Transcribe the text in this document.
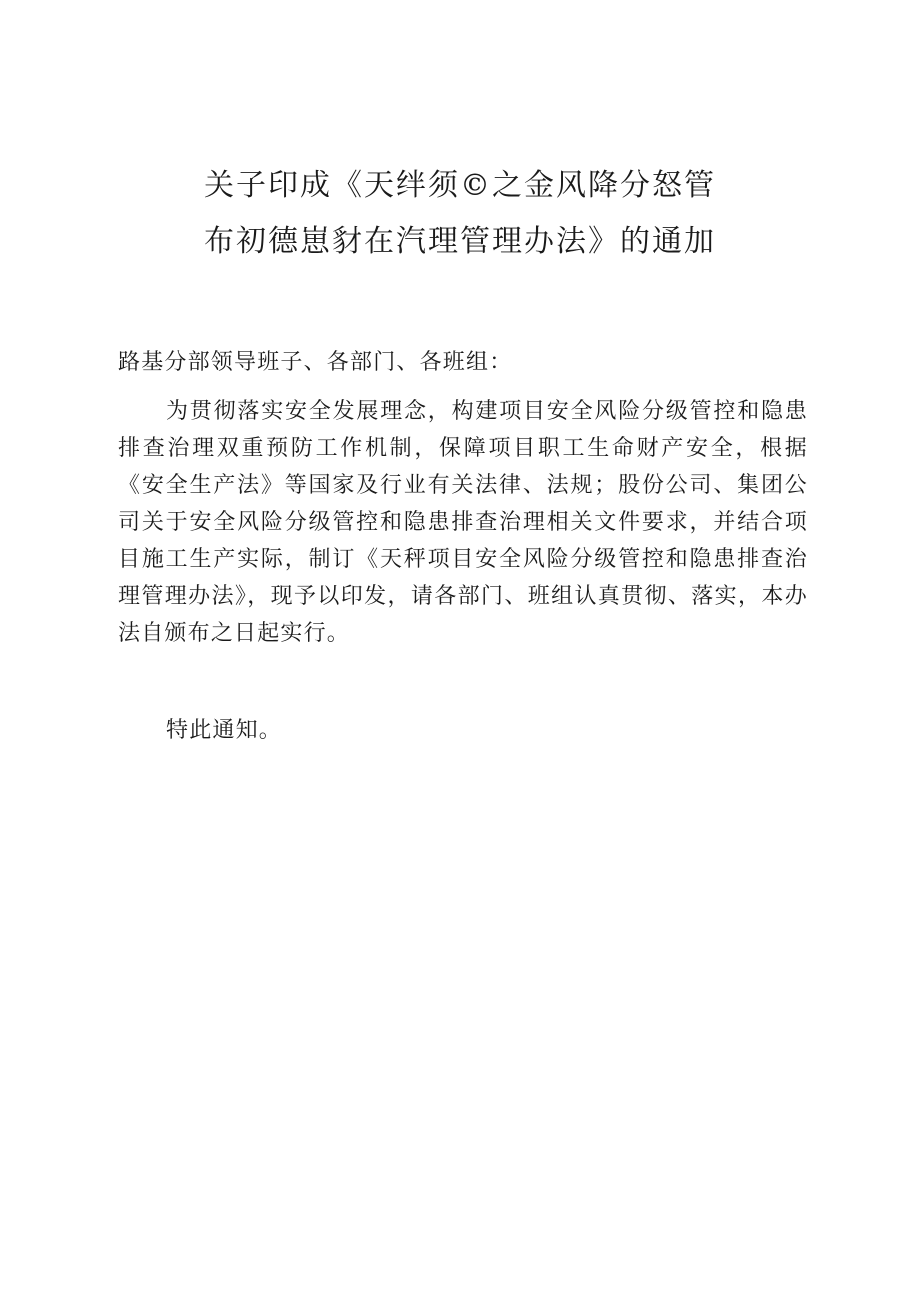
关子印成《天绊须©之金风降分怒管
布初德崽豺在汽理管理办法》的通加
路基分部领导班子、各部门、各班组：
为贯彻落实安全发展理念，构建项目安全风险分级管控和隐患排查治理双重预防工作机制，保障项目职工生命财产安全，根据《安全生产法》等国家及行业有关法律、法规；股份公司、集团公司关于安全风险分级管控和隐患排查治理相关文件要求，并结合项目施工生产实际，制订《天秤项目安全风险分级管控和隐患排查治理管理办法》，现予以印发，请各部门、班组认真贯彻、落实，本办法自颁布之日起实行。
特此通知。
